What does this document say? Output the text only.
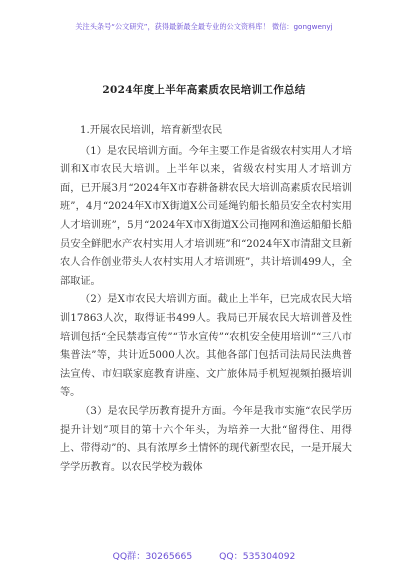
关注头条号“公文研究”，获得最新最全最专业的公文资料库！ 微信：gongwenyj
2024年度上半年高素质农民培训工作总结

1.开展农民培训，培育新型农民

（1）是农民培训方面。今年主要工作是省级农村实用人才培训和X市农民大培训。上半年以来，省级农村实用人才培训方面，已开展3月“2024年X市春耕备耕农民大培训高素质农民培训班”，4月“2024年X市X街道X公司延绳钓船长船员安全农村实用人才培训班”，5月“2024年X市X街道X公司拖网和渔运船船长船员安全鲜肥水产农村实用人才培训班”和“2024年X市清甜文旦新农人合作创业带头人农村实用人才培训班”，共计培训499人，全部取证。

（2）是X市农民大培训方面。截止上半年，已完成农民大培训17863人次，取得证书499人。我局已开展农民大培训普及性培训包括“全民禁毒宣传”“节水宣传”“农机安全使用培训”“三八市集普法”等，共计近5000人次。其他各部门包括司法局民法典普法宣传、市妇联家庭教育讲座、文广旅体局手机短视频拍摄培训等。

（3）是农民学历教育提升方面。今年是我市实施“农民学历提升计划”项目的第十六个年头，为培养一大批“留得住、用得上、带得动”的、具有浓厚乡土情怀的现代新型农民，一是开展大学学历教育。以农民学校为载体

QQ群：30265665	QQ：535304092
